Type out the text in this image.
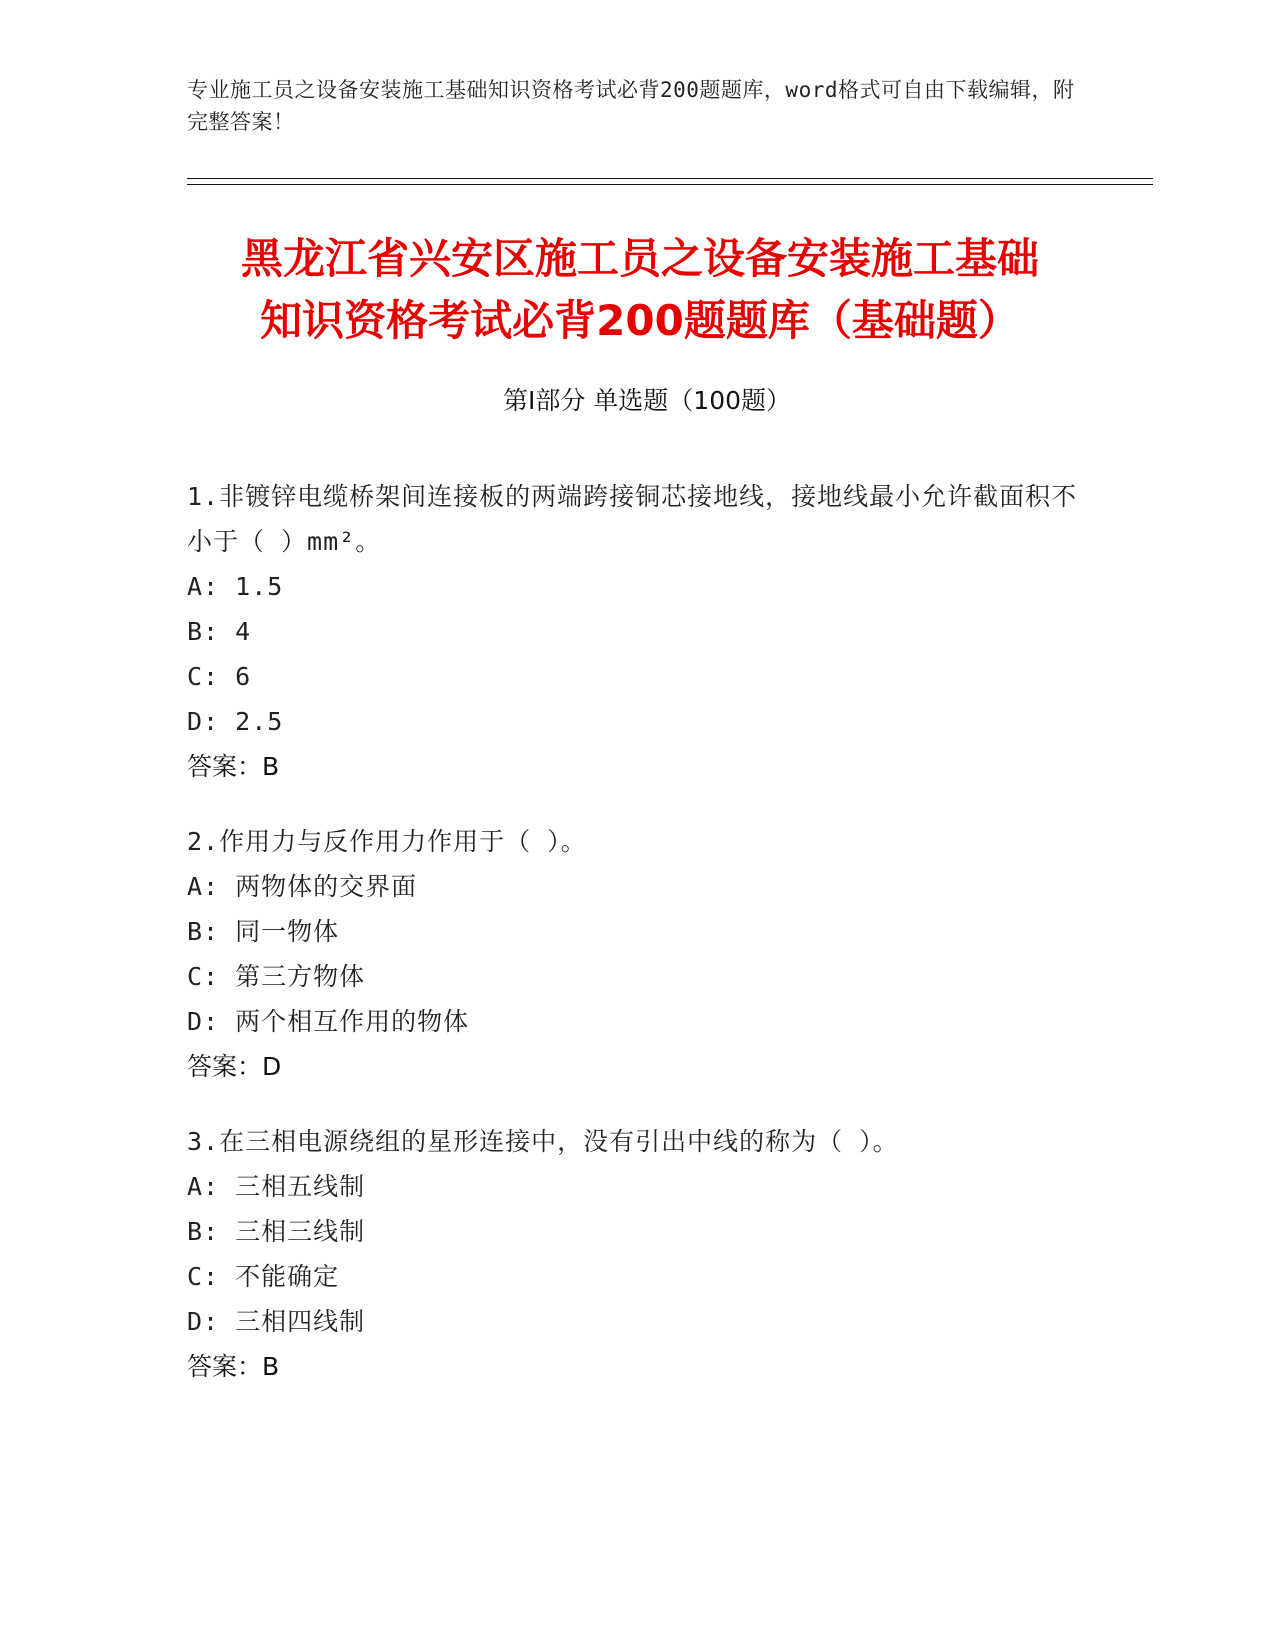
专业施工员之设备安装施工基础知识资格考试必背200题题库，word格式可自由下载编辑，附完整答案！
黑龙江省兴安区施工员之设备安装施工基础
知识资格考试必背200题题库（基础题）
第Ⅰ部分 单选题（100题）
1.非镀锌电缆桥架间连接板的两端跨接铜芯接地线，接地线最小允许截面积不小于（ ）mm²。
A: 1.5
B: 4
C: 6
D: 2.5
答案：B
2.作用力与反作用力作用于（ ）。
A: 两物体的交界面
B: 同一物体
C: 第三方物体
D: 两个相互作用的物体
答案：D
3.在三相电源绕组的星形连接中，没有引出中线的称为（ ）。
A: 三相五线制
B: 三相三线制
C: 不能确定
D: 三相四线制
答案：B
